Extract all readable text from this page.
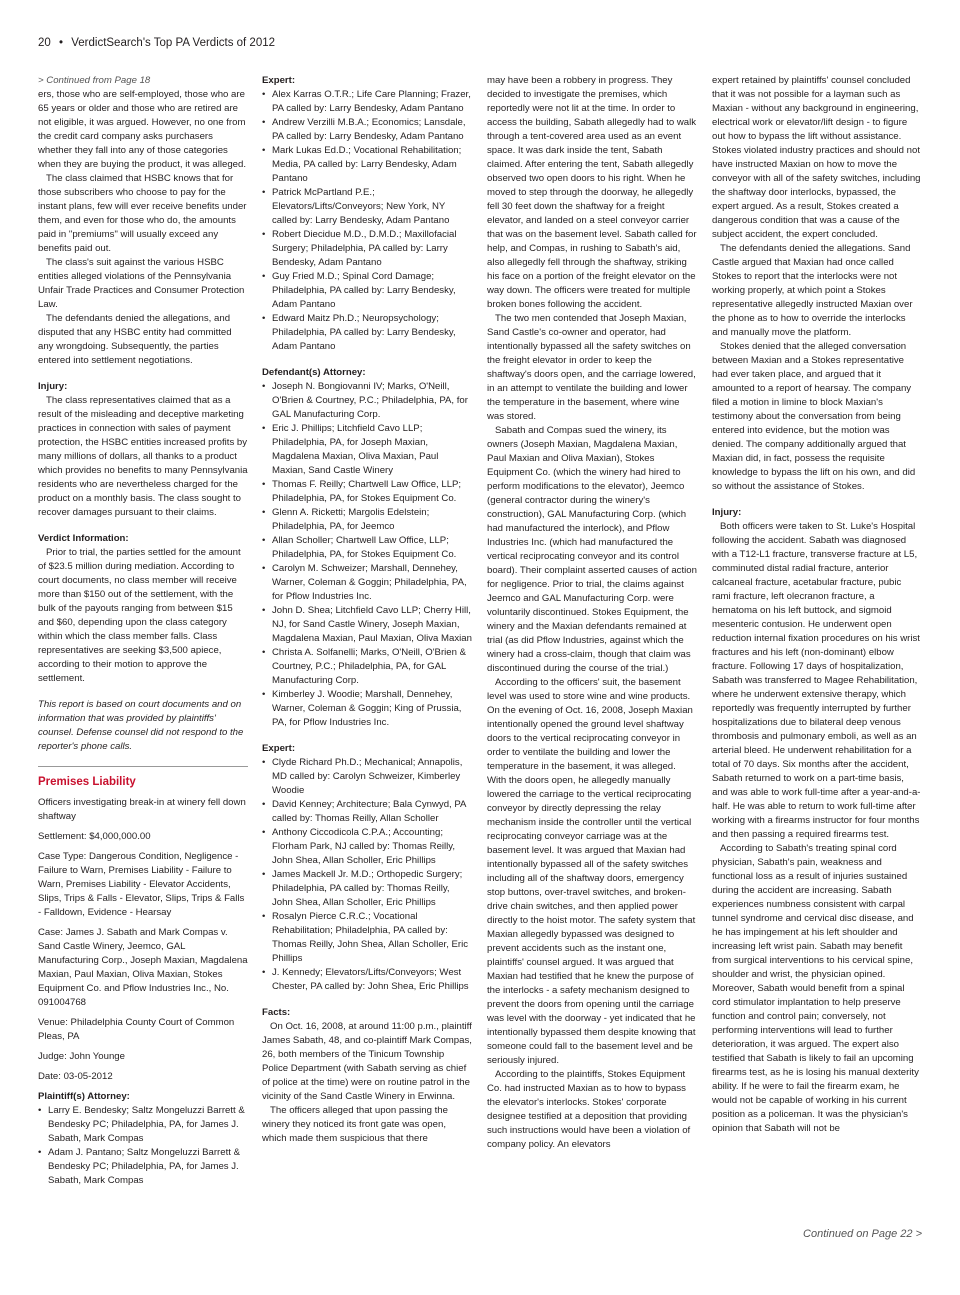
20 • VerdictSearch's Top PA Verdicts of 2012

> Continued from Page 18

ers, those who are self-employed, those who are 65 years or older and those who are retired are not eligible, it was argued. However, no one from the credit card company asks purchasers whether they fall into any of those categories when they are buying the product, it was alleged.

The class claimed that HSBC knows that for those subscribers who choose to pay for the instant plans, few will ever receive benefits under them, and even for those who do, the amounts paid in "premiums" will usually exceed any benefits paid out.

The class's suit against the various HSBC entities alleged violations of the Pennsylvania Unfair Trade Practices and Consumer Protection Law.

The defendants denied the allegations, and disputed that any HSBC entity had committed any wrongdoing. Subsequently, the parties entered into settlement negotiations.

Injury:

The class representatives claimed that as a result of the misleading and deceptive marketing practices in connection with sales of payment protection, the HSBC entities increased profits by many millions of dollars, all thanks to a product which provides no benefits to many Pennsylvania residents who are nevertheless charged for the product on a monthly basis. The class sought to recover damages pursuant to their claims.

Verdict Information:

Prior to trial, the parties settled for the amount of $23.5 million during mediation. According to court documents, no class member will receive more than $150 out of the settlement, with the bulk of the payouts ranging from between $15 and $60, depending upon the class category within which the class member falls. Class representatives are seeking $3,500 apiece, according to their motion to approve the settlement.

This report is based on court documents and on information that was provided by plaintiffs' counsel. Defense counsel did not respond to the reporter's phone calls.

Premises Liability

Officers investigating break-in at winery fell down shaftway

Settlement: $4,000,000.00

Case Type: Dangerous Condition, Negligence - Failure to Warn, Premises Liability - Failure to Warn, Premises Liability - Elevator Accidents, Slips, Trips & Falls - Elevator, Slips, Trips & Falls - Falldown, Evidence - Hearsay

Case: James J. Sabath and Mark Compas v. Sand Castle Winery, Jeemco, GAL Manufacturing Corp., Joseph Maxian, Magdalena Maxian, Paul Maxian, Oliva Maxian, Stokes Equipment Co. and Pflow Industries Inc., No. 091004768

Venue: Philadelphia County Court of Common Pleas, PA

Judge: John Younge

Date: 03-05-2012

Plaintiff(s) Attorney:

• Larry E. Bendesky; Saltz Mongeluzzi Barrett & Bendesky PC; Philadelphia, PA, for James J. Sabath, Mark Compas
• Adam J. Pantano; Saltz Mongeluzzi Barrett & Bendesky PC; Philadelphia, PA, for James J. Sabath, Mark Compas

Expert:

• Alex Karras O.T.R.; Life Care Planning; Frazer, PA called by: Larry Bendesky, Adam Pantano
• Andrew Verzilli M.B.A.; Economics; Lansdale, PA called by: Larry Bendesky, Adam Pantano
• Mark Lukas Ed.D.; Vocational Rehabilitation; Media, PA called by: Larry Bendesky, Adam Pantano
• Patrick McPartland P.E.; Elevators/Lifts/Conveyors; New York, NY called by: Larry Bendesky, Adam Pantano
• Robert Diecidue M.D., D.M.D.; Maxillofacial Surgery; Philadelphia, PA called by: Larry Bendesky, Adam Pantano
• Guy Fried M.D.; Spinal Cord Damage; Philadelphia, PA called by: Larry Bendesky, Adam Pantano
• Edward Maitz Ph.D.; Neuropsychology; Philadelphia, PA called by: Larry Bendesky, Adam Pantano

Defendant(s) Attorney:

• Joseph N. Bongiovanni IV; Marks, O'Neill, O'Brien & Courtney, P.C.; Philadelphia, PA, for GAL Manufacturing Corp.
• Eric J. Phillips; Litchfield Cavo LLP; Philadelphia, PA, for Joseph Maxian, Magdalena Maxian, Oliva Maxian, Paul Maxian, Sand Castle Winery
• Thomas F. Reilly; Chartwell Law Office, LLP; Philadelphia, PA, for Stokes Equipment Co.
• Glenn A. Ricketti; Margolis Edelstein; Philadelphia, PA, for Jeemco
• Allan Scholler; Chartwell Law Office, LLP; Philadelphia, PA, for Stokes Equipment Co.
• Carolyn M. Schweizer; Marshall, Dennehey, Warner, Coleman & Goggin; Philadelphia, PA, for Pflow Industries Inc.
• John D. Shea; Litchfield Cavo LLP; Cherry Hill, NJ, for Sand Castle Winery, Joseph Maxian, Magdalena Maxian, Paul Maxian, Oliva Maxian
• Christa A. Solfanelli; Marks, O'Neill, O'Brien & Courtney, P.C.; Philadelphia, PA, for GAL Manufacturing Corp.
• Kimberley J. Woodie; Marshall, Dennehey, Warner, Coleman & Goggin; King of Prussia, PA, for Pflow Industries Inc.

Expert:

• Clyde Richard Ph.D.; Mechanical; Annapolis, MD called by: Carolyn Schweizer, Kimberley Woodie
• David Kenney; Architecture; Bala Cynwyd, PA called by: Thomas Reilly, Allan Scholler
• Anthony Ciccodicola C.P.A.; Accounting; Florham Park, NJ called by: Thomas Reilly, John Shea, Allan Scholler, Eric Phillips
• James Mackell Jr. M.D.; Orthopedic Surgery; Philadelphia, PA called by: Thomas Reilly, John Shea, Allan Scholler, Eric Phillips
• Rosalyn Pierce C.R.C.; Vocational Rehabilitation; Philadelphia, PA called by: Thomas Reilly, John Shea, Allan Scholler, Eric Phillips
• J. Kennedy; Elevators/Lifts/Conveyors; West Chester, PA called by: John Shea, Eric Phillips

Facts:

On Oct. 16, 2008, at around 11:00 p.m., plaintiff James Sabath, 48, and co-plaintiff Mark Compas, 26, both members of the Tinicum Township Police Department (with Sabath serving as chief of police at the time) were on routine patrol in the vicinity of the Sand Castle Winery in Erwinna.

The officers alleged that upon passing the winery they noticed its front gate was open, which made them suspicious that there

may have been a robbery in progress. They decided to investigate the premises, which reportedly were not lit at the time. In order to access the building, Sabath allegedly had to walk through a tent-covered area used as an event space. It was dark inside the tent, Sabath claimed. After entering the tent, Sabath allegedly observed two open doors to his right. When he moved to step through the doorway, he allegedly fell 30 feet down the shaftway for a freight elevator, and landed on a steel conveyor carrier that was on the basement level. Sabath called for help, and Compas, in rushing to Sabath's aid, also allegedly fell through the shaftway, striking his face on a portion of the freight elevator on the way down. The officers were treated for multiple broken bones following the accident.

The two men contended that Joseph Maxian, Sand Castle's co-owner and operator, had intentionally bypassed all the safety switches on the freight elevator in order to keep the shaftway's doors open, and the carriage lowered, in an attempt to ventilate the building and lower the temperature in the basement, where wine was stored.

Sabath and Compas sued the winery, its owners (Joseph Maxian, Magdalena Maxian, Paul Maxian and Oliva Maxian), Stokes Equipment Co. (which the winery had hired to perform modifications to the elevator), Jeemco (general contractor during the winery's construction), GAL Manufacturing Corp. (which had manufactured the interlock), and Pflow Industries Inc. (which had manufactured the vertical reciprocating conveyor and its control board). Their complaint asserted causes of action for negligence. Prior to trial, the claims against Jeemco and GAL Manufacturing Corp. were voluntarily discontinued. Stokes Equipment, the winery and the Maxian defendants remained at trial (as did Pflow Industries, against which the winery had a cross-claim, though that claim was discontinued during the course of the trial.)

According to the officers' suit, the basement level was used to store wine and wine products. On the evening of Oct. 16, 2008, Joseph Maxian intentionally opened the ground level shaftway doors to the vertical reciprocating conveyor in order to ventilate the building and lower the temperature in the basement, it was alleged. With the doors open, he allegedly manually lowered the carriage to the vertical reciprocating conveyor by directly depressing the relay mechanism inside the controller until the vertical reciprocating conveyor carriage was at the basement level. It was argued that Maxian had intentionally bypassed all of the safety switches including all of the shaftway doors, emergency stop buttons, over-travel switches, and broken-drive chain switches, and then applied power directly to the hoist motor. The safety system that Maxian allegedly bypassed was designed to prevent accidents such as the instant one, plaintiffs' counsel argued. It was argued that Maxian had testified that he knew the purpose of the interlocks - a safety mechanism designed to prevent the doors from opening until the carriage was level with the doorway - yet indicated that he intentionally bypassed them despite knowing that someone could fall to the basement level and be seriously injured.

According to the plaintiffs, Stokes Equipment Co. had instructed Maxian as to how to bypass the elevator's interlocks. Stokes' corporate designee testified at a deposition that providing such instructions would have been a violation of company policy. An elevators

expert retained by plaintiffs' counsel concluded that it was not possible for a layman such as Maxian - without any background in engineering, electrical work or elevator/lift design - to figure out how to bypass the lift without assistance. Stokes violated industry practices and should not have instructed Maxian on how to move the conveyor with all of the safety switches, including the shaftway door interlocks, bypassed, the expert argued. As a result, Stokes created a dangerous condition that was a cause of the subject accident, the expert concluded.

The defendants denied the allegations. Sand Castle argued that Maxian had once called Stokes to report that the interlocks were not working properly, at which point a Stokes representative allegedly instructed Maxian over the phone as to how to override the interlocks and manually move the platform.

Stokes denied that the alleged conversation between Maxian and a Stokes representative had ever taken place, and argued that it amounted to a report of hearsay. The company filed a motion in limine to block Maxian's testimony about the conversation from being entered into evidence, but the motion was denied. The company additionally argued that Maxian did, in fact, possess the requisite knowledge to bypass the lift on his own, and did so without the assistance of Stokes.

Injury:

Both officers were taken to St. Luke's Hospital following the accident. Sabath was diagnosed with a T12-L1 fracture, transverse fracture at L5, comminuted distal radial fracture, anterior calcaneal fracture, acetabular fracture, pubic rami fracture, left olecranon fracture, a hematoma on his left buttock, and sigmoid mesenteric contusion. He underwent open reduction internal fixation procedures on his wrist fractures and his left (non-dominant) elbow fracture. Following 17 days of hospitalization, Sabath was transferred to Magee Rehabilitation, where he underwent extensive therapy, which reportedly was frequently interrupted by further hospitalizations due to bilateral deep venous thrombosis and pulmonary emboli, as well as an arterial bleed. He underwent rehabilitation for a total of 70 days. Six months after the accident, Sabath returned to work on a part-time basis, and was able to work full-time after a year-and-a-half. He was able to return to work full-time after working with a firearms instructor for four months and then passing a required firearms test.

According to Sabath's treating spinal cord physician, Sabath's pain, weakness and functional loss as a result of injuries sustained during the accident are increasing. Sabath experiences numbness consistent with carpal tunnel syndrome and cervical disc disease, and he has impingement at his left shoulder and increasing left wrist pain. Sabath may benefit from surgical interventions to his cervical spine, shoulder and wrist, the physician opined. Moreover, Sabath would benefit from a spinal cord stimulator implantation to help preserve function and control pain; conversely, not performing interventions will lead to further deterioration, it was argued. The expert also testified that Sabath is likely to fail an upcoming firearms test, as he is losing his manual dexterity ability. If he were to fail the firearm exam, he would not be capable of working in his current position as a policeman. It was the physician's opinion that Sabath will not be

Continued on Page 22 >
